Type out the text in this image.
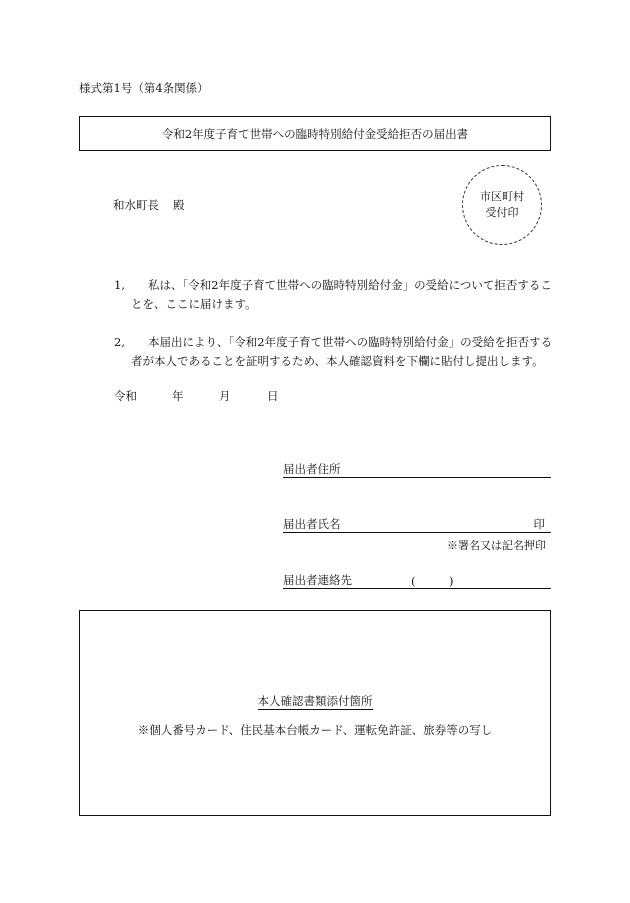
様式第1号（第4条関係）
令和2年度子育て世帯への臨時特別給付金受給拒否の届出書
和水町長 殿
市区町村
受付印
1,	私は、「令和2年度子育て世帯への臨時特別給付金」の受給について拒否するこ
とを、ここに届けます。
2,	本届出により、「令和2年度子育て世帯への臨時特別給付金」の受給を拒否する
者が本人であることを証明するため、本人確認資料を下欄に貼付し提出します。
令和	年	月	日
届出者住所
届出者氏名	印
※署名又は記名押印
届出者連絡先	(	)
本人確認書類添付箇所
※個人番号カード、住民基本台帳カード、運転免許証、旅券等の写し
